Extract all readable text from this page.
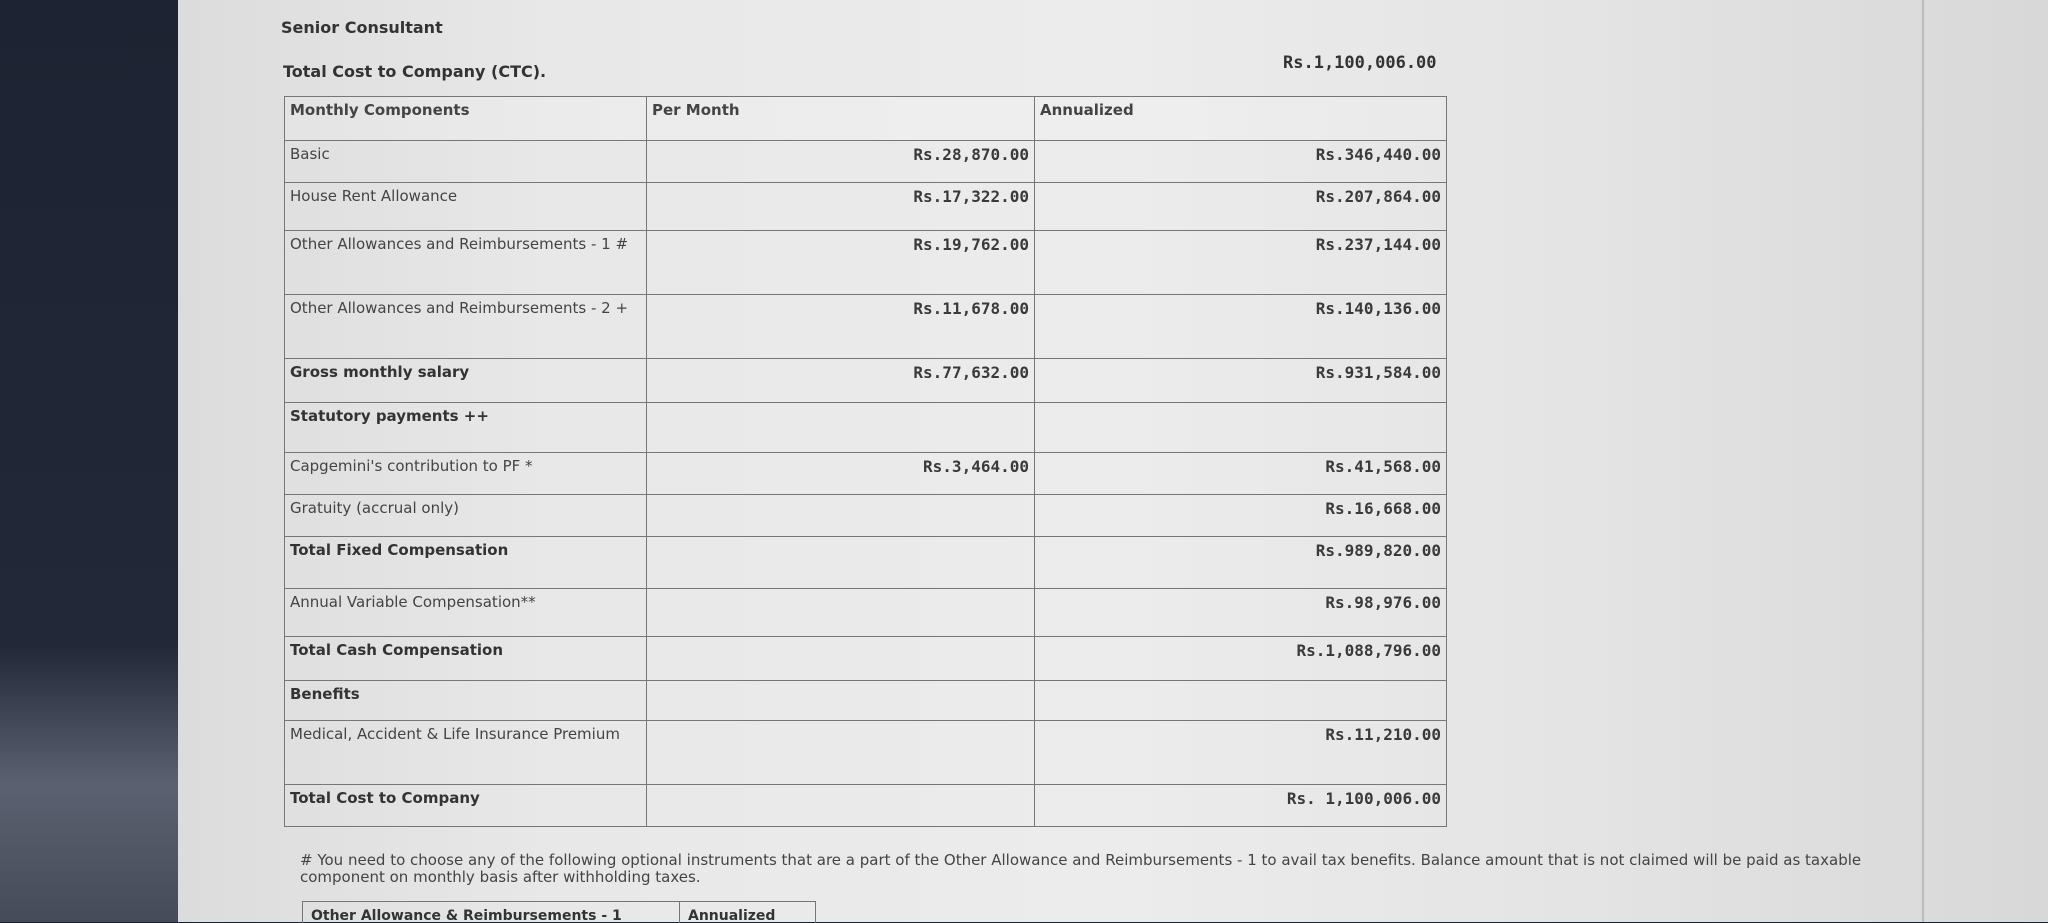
Senior Consultant
Total Cost to Company (CTC).	Rs.1,100,006.00
Monthly Components	Per Month	Annualized
Basic	Rs.28,870.00	Rs.346,440.00
House Rent Allowance	Rs.17,322.00	Rs.207,864.00
Other Allowances and Reimbursements - 1 #	Rs.19,762.00	Rs.237,144.00
Other Allowances and Reimbursements - 2 +	Rs.11,678.00	Rs.140,136.00
Gross monthly salary	Rs.77,632.00	Rs.931,584.00
Statutory payments ++		
Capgemini's contribution to PF *	Rs.3,464.00	Rs.41,568.00
Gratuity (accrual only)		Rs.16,668.00
Total Fixed Compensation		Rs.989,820.00
Annual Variable Compensation**		Rs.98,976.00
Total Cash Compensation		Rs.1,088,796.00
Benefits		
Medical, Accident & Life Insurance Premium		Rs.11,210.00
Total Cost to Company		Rs. 1,100,006.00
# You need to choose any of the following optional instruments that are a part of the Other Allowance and Reimbursements - 1 to avail tax benefits. Balance amount that is not claimed will be paid as taxable component on monthly basis after withholding taxes.
Other Allowance & Reimbursements - 1	Annualized
